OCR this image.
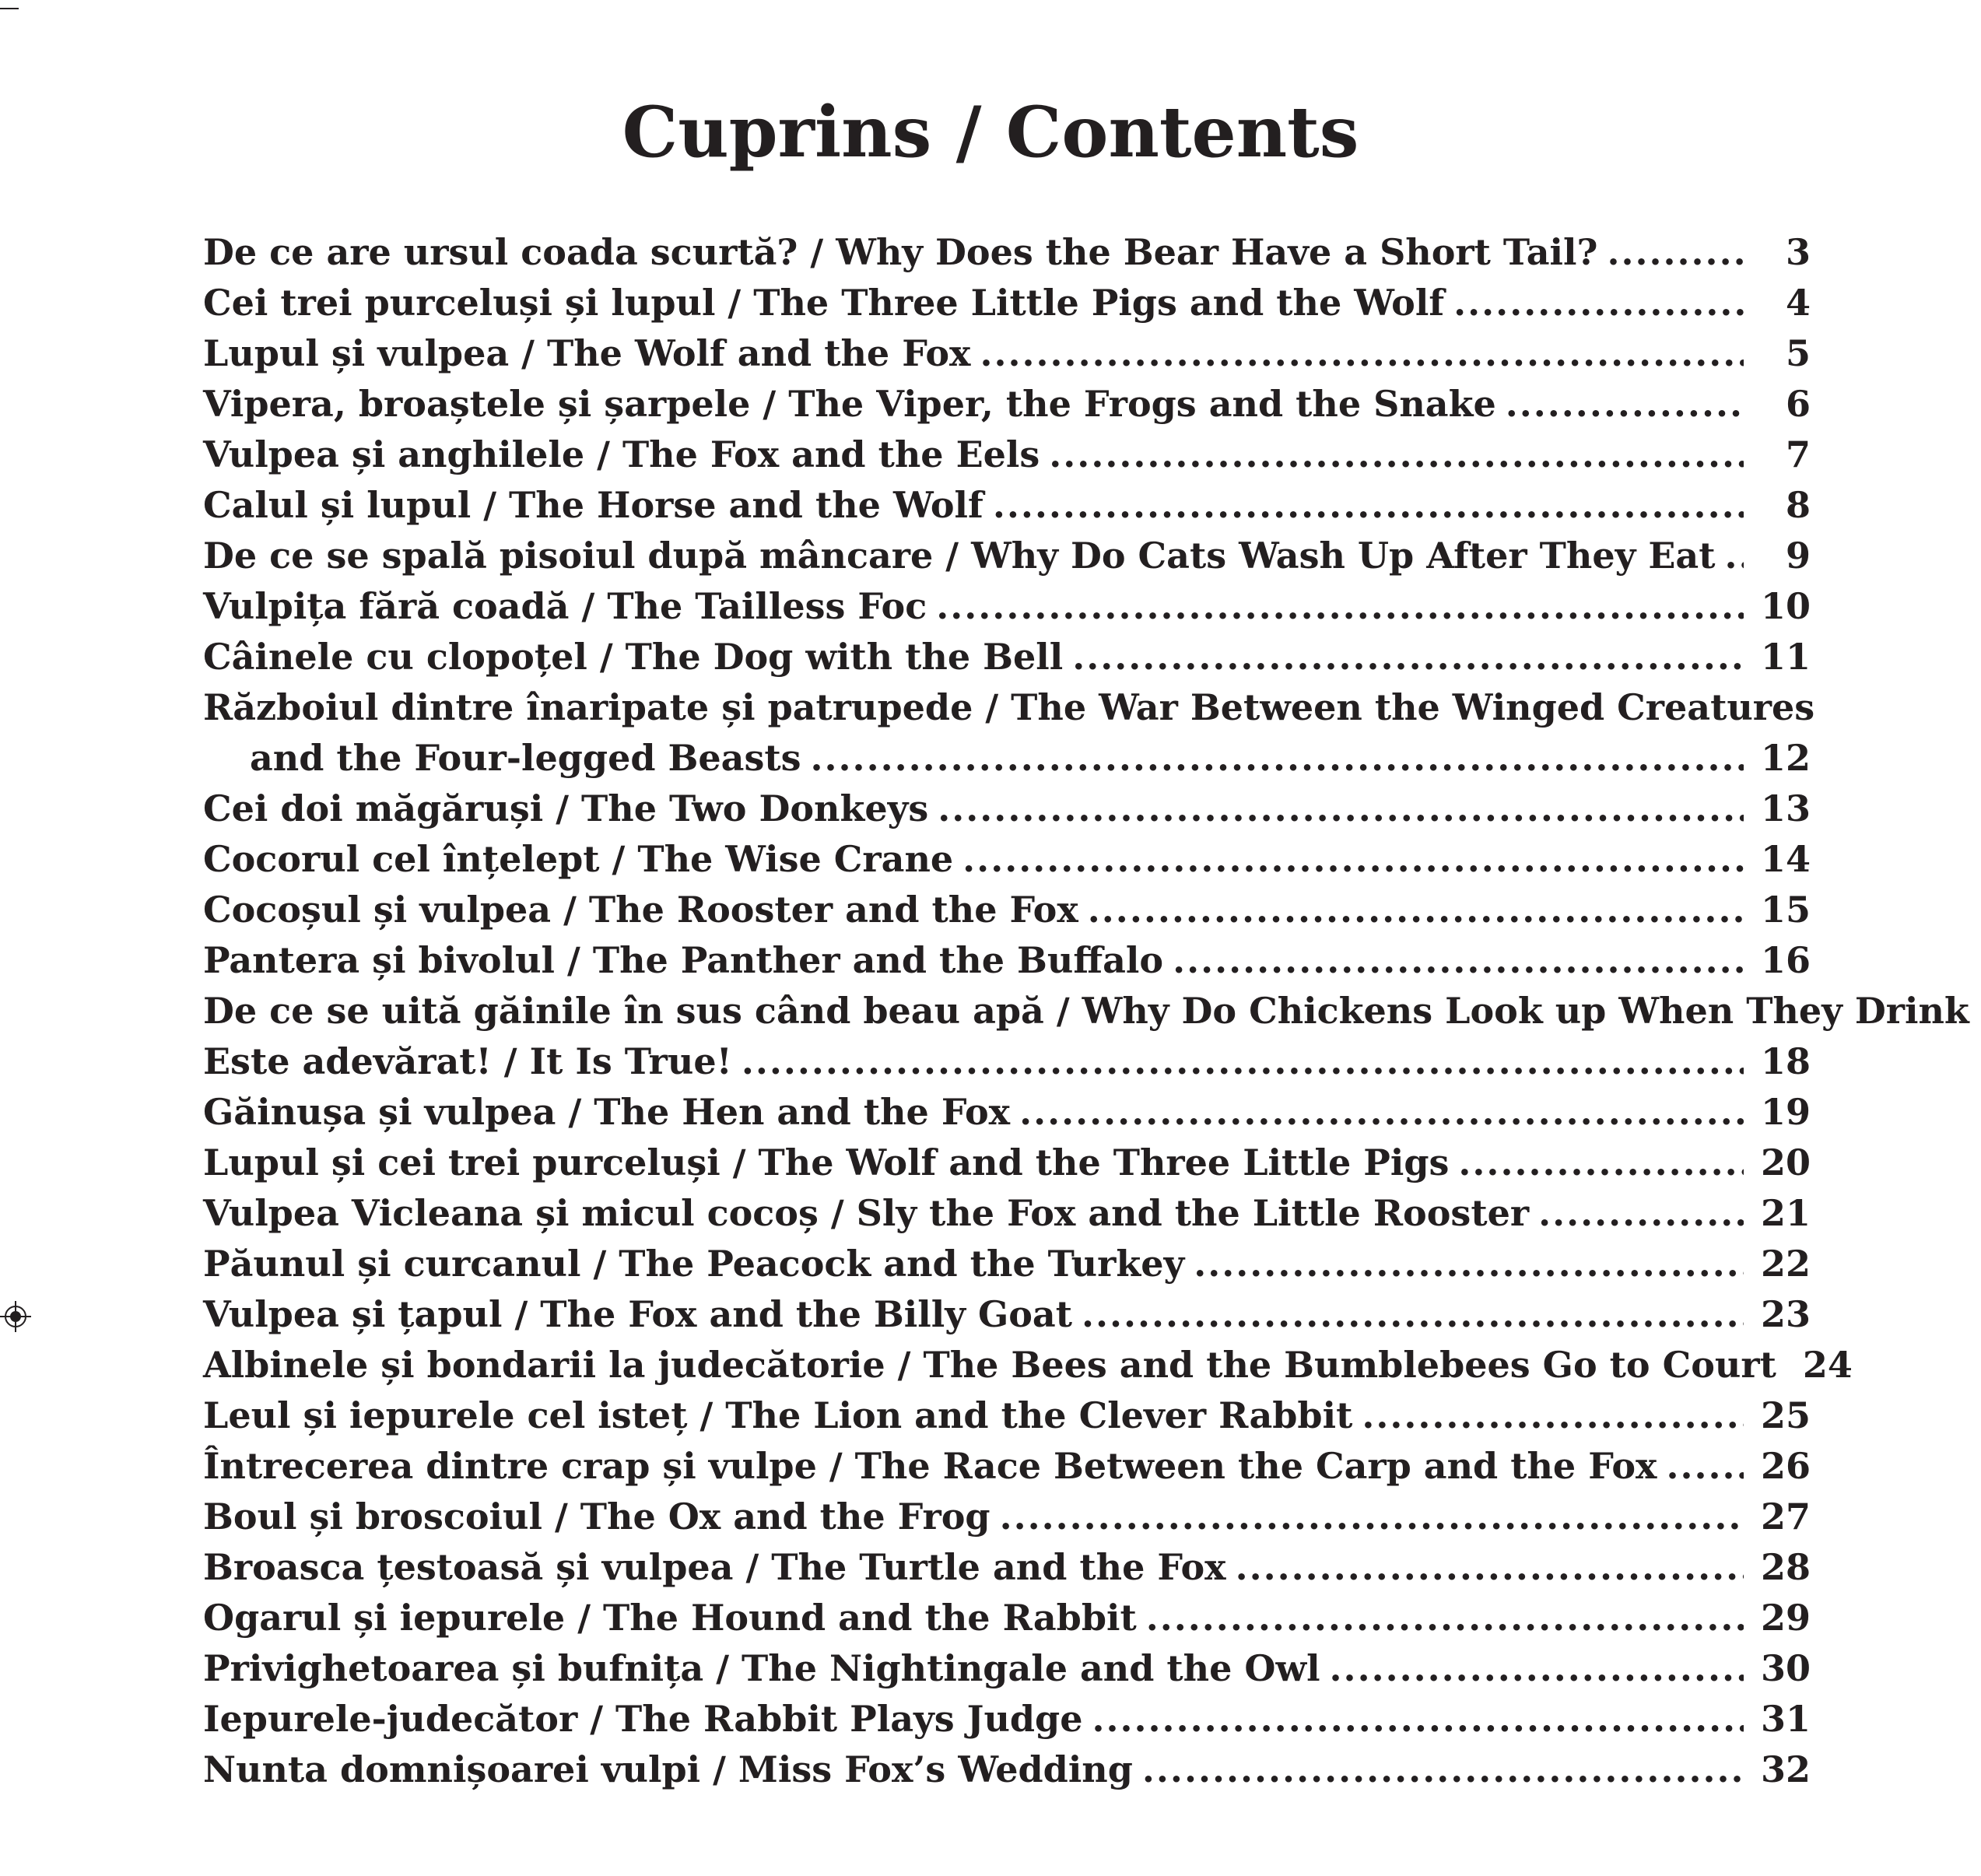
Cuprins / Contents
De ce are ursul coada scurtă? / Why Does the Bear Have a Short Tail? .....	3
Cei trei purceluși și lupul / The Three Little Pigs and the Wolf .....	4
Lupul și vulpea / The Wolf and the Fox .....	5
Vipera, broaștele și șarpele / The Viper, the Frogs and the Snake .....	6
Vulpea și anghilele / The Fox and the Eels .....	7
Calul și lupul / The Horse and the Wolf .....	8
De ce se spală pisoiul după mâncare / Why Do Cats Wash Up After They Eat .....	9
Vulpița fără coadă / The Tailless Foc .....	10
Câinele cu clopoțel / The Dog with the Bell .....	11
Războiul dintre înaripate și patrupede / The War Between the Winged Creatures
and the Four-legged Beasts .....	12
Cei doi măgăruși / The Two Donkeys .....	13
Cocorul cel înțelept / The Wise Crane .....	14
Cocoșul și vulpea / The Rooster and the Fox .....	15
Pantera și bivolul / The Panther and the Buffalo .....	16
De ce se uită găinile în sus când beau apă / Why Do Chickens Look up When They Drink
Este adevărat! / It Is True! .....	18
Găinușa și vulpea / The Hen and the Fox .....	19
Lupul și cei trei purceluși / The Wolf and the Three Little Pigs .....	20
Vulpea Vicleana și micul cocoș / Sly the Fox and the Little Rooster .....	21
Păunul și curcanul / The Peacock and the Turkey .....	22
Vulpea și țapul / The Fox and the Billy Goat .....	23
Albinele și bondarii la judecătorie / The Bees and the Bumblebees Go to Court 24
Leul și iepurele cel isteț / The Lion and the Clever Rabbit .....	25
Întrecerea dintre crap și vulpe / The Race Between the Carp and the Fox .....	26
Boul și broscoiul / The Ox and the Frog .....	27
Broasca țestoasă și vulpea / The Turtle and the Fox .....	28
Ogarul și iepurele / The Hound and the Rabbit .....	29
Privighetoarea și bufnița / The Nightingale and the Owl .....	30
Iepurele-judecător / The Rabbit Plays Judge .....	31
Nunta domnișoarei vulpi / Miss Fox’s Wedding .....	32
